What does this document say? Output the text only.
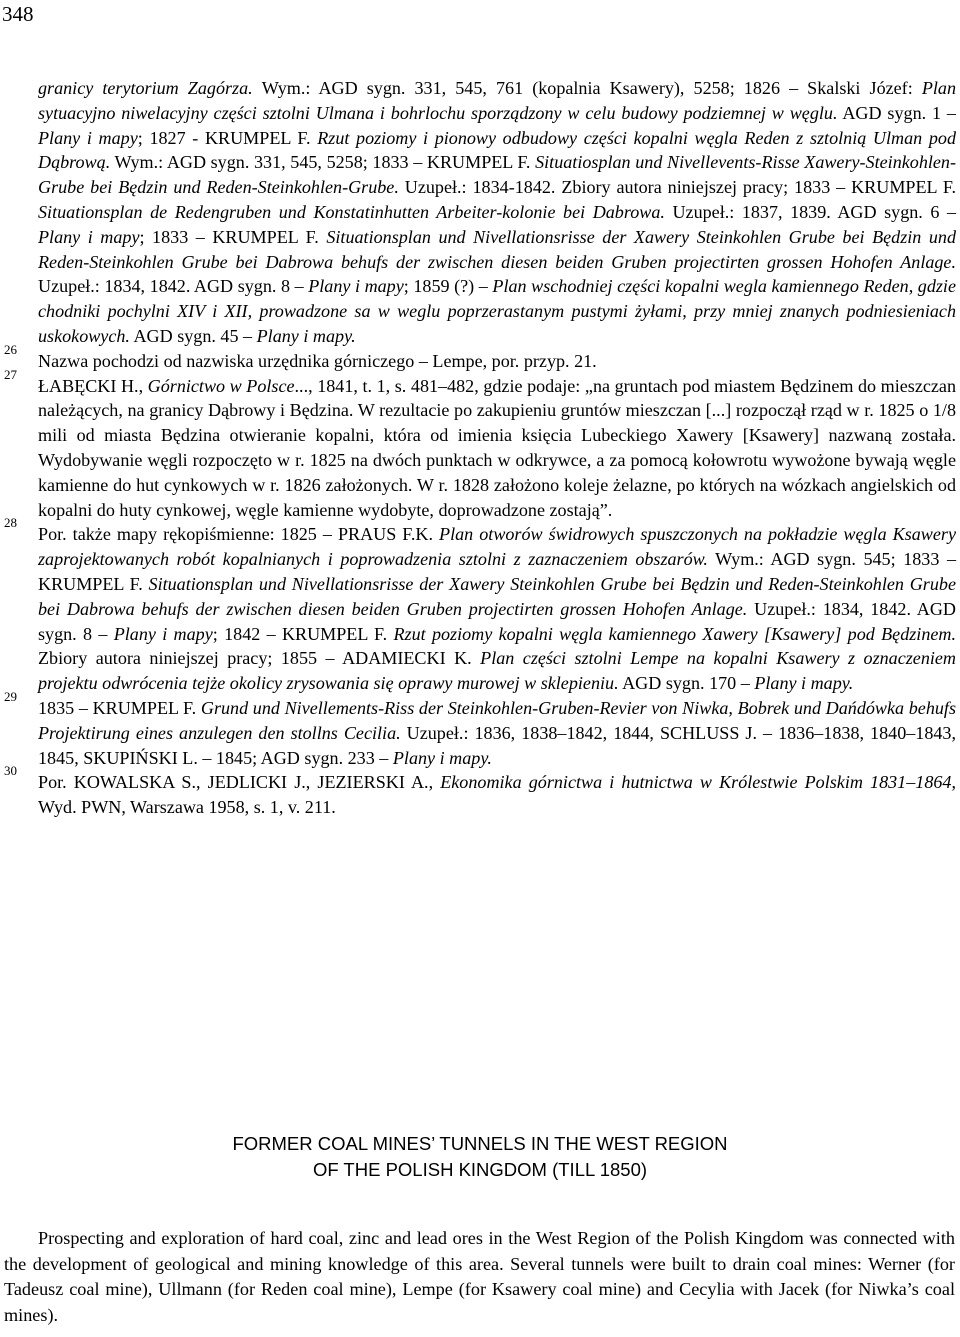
348
26
27
28
29
30

granicy terytorium Zagórza. Wym.: AGD sygn. 331, 545, 761 (kopalnia Ksawery), 5258; 1826 – Skalski Józef: Plan sytuacyjno niwelacyjny części sztolni Ulmana i bohrlochu sporządzony w celu budowy podziemnej w węglu. AGD sygn. 1 – Plany i mapy; 1827 - KRUMPEL F. Rzut poziomy i pionowy odbudowy części kopalni węgla Reden z sztolnią Ulman pod Dąbrową. Wym.: AGD sygn. 331, 545, 5258; 1833 – KRUMPEL F. Situatiosplan und Nivellevents-Risse Xawery-Steinkohlen-Grube bei Będzin und Reden-Steinkohlen-Grube. Uzupeł.: 1834-1842. Zbiory autora niniejszej pracy; 1833 – KRUMPEL F. Situationsplan de Redengruben und Konstatinhutten Arbeiter-kolonie bei Dabrowa. Uzupeł.: 1837, 1839. AGD sygn. 6 – Plany i mapy; 1833 – KRUMPEL F. Situationsplan und Nivellationsrisse der Xawery Steinkohlen Grube bei Będzin und Reden-Steinkohlen Grube bei Dabrowa behufs der zwischen diesen beiden Gruben projectirten grossen Hohofen Anlage. Uzupeł.: 1834, 1842. AGD sygn. 8 – Plany i mapy; 1859 (?) – Plan wschodniej części kopalni wegla kamiennego Reden, gdzie chodniki pochylni XIV i XII, prowadzone sa w weglu poprzerastanym pustymi żyłami, przy mniej znanych podniesieniach uskokowych. AGD sygn. 45 – Plany i mapy.

Nazwa pochodzi od nazwiska urzędnika górniczego – Lempe, por. przyp. 21.

ŁABĘCKI H., Górnictwo w Polsce..., 1841, t. 1, s. 481–482, gdzie podaje: „na gruntach pod miastem Będzinem do mieszczan należących, na granicy Dąbrowy i Będzina. W rezultacie po zakupieniu gruntów mieszczan [...] rozpoczął rząd w r. 1825 o 1/8 mili od miasta Będzina otwieranie kopalni, która od imienia księcia Lubeckiego Xawery [Ksawery] nazwaną została. Wydobywanie węgli rozpoczęto w r. 1825 na dwóch punktach w odkrywce, a za pomocą kołowrotu wywożone bywają węgle kamienne do hut cynkowych w r. 1826 założonych. W r. 1828 założono koleje żelazne, po których na wózkach angielskich od kopalni do huty cynkowej, węgle kamienne wydobyte, doprowadzone zostają”.

Por. także mapy rękopiśmienne: 1825 – PRAUS F.K. Plan otworów świdrowych spuszczonych na pokładzie węgla Ksawery zaprojektowanych robót kopalnianych i poprowadzenia sztolni z zaznaczeniem obszarów. Wym.: AGD sygn. 545; 1833 – KRUMPEL F. Situationsplan und Nivellationsrisse der Xawery Steinkohlen Grube bei Będzin und Reden-Steinkohlen Grube bei Dabrowa behufs der zwischen diesen beiden Gruben projectirten grossen Hohofen Anlage. Uzupeł.: 1834, 1842. AGD sygn. 8 – Plany i mapy; 1842 – KRUMPEL F. Rzut poziomy kopalni węgla kamiennego Xawery [Ksawery] pod Będzinem. Zbiory autora niniejszej pracy; 1855 – ADAMIECKI K. Plan części sztolni Lempe na kopalni Ksawery z oznaczeniem projektu odwrócenia tejże okolicy zrysowania się oprawy murowej w sklepieniu. AGD sygn. 170 – Plany i mapy.

1835 – KRUMPEL F. Grund und Nivellements-Riss der Steinkohlen-Gruben-Revier von Niwka, Bobrek und Dańdówka behufs Projektirung eines anzulegen den stollns Cecilia. Uzupeł.: 1836, 1838–1842, 1844, SCHLUSS J. – 1836–1838, 1840–1843, 1845, SKUPIŃSKI L. – 1845; AGD sygn. 233 – Plany i mapy.

Por. KOWALSKA S., JEDLICKI J., JEZIERSKI A., Ekonomika górnictwa i hutnictwa w Królestwie Polskim 1831–1864, Wyd. PWN, Warszawa 1958, s. 1, v. 211.

FORMER COAL MINES’ TUNNELS IN THE WEST REGION
OF THE POLISH KINGDOM (TILL 1850)

Prospecting and exploration of hard coal, zinc and lead ores in the West Region of the Polish Kingdom was connected with the development of geological and mining knowledge of this area. Several tunnels were built to drain coal mines: Werner (for Tadeusz coal mine), Ullmann (for Reden coal mine), Lempe (for Ksawery coal mine) and Cecylia with Jacek (for Niwka’s coal mines).
